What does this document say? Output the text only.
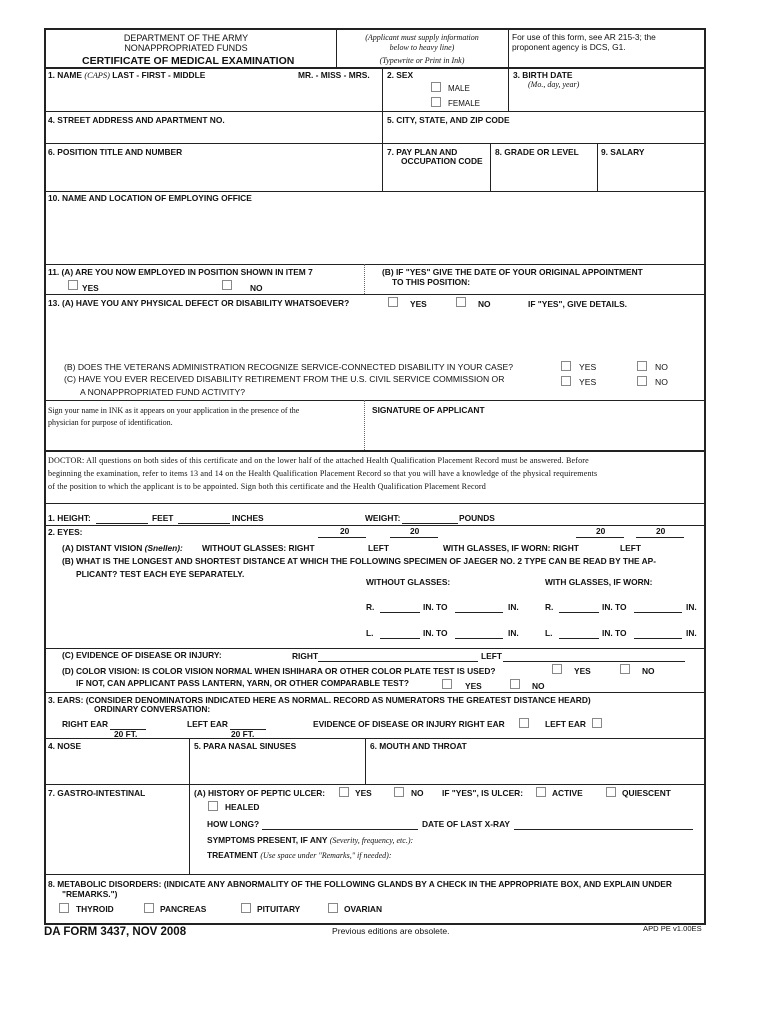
DEPARTMENT OF THE ARMY
NONAPPROPRIATED FUNDS
CERTIFICATE OF MEDICAL EXAMINATION
(Applicant must supply information
below to heavy line)
(Typewrite or Print in Ink)
For use of this form, see AR 215-3; the
proponent agency is DCS, G1.
1. NAME (CAPS) LAST - FIRST - MIDDLE	MR. - MISS - MRS. 2. SEX
MALE
FEMALE
3. BIRTH DATE
(Mo., day, year)
4. STREET ADDRESS AND APARTMENT NO.	5. CITY, STATE, AND ZIP CODE
6. POSITION TITLE AND NUMBER	7. PAY PLAN AND
OCCUPATION CODE
8. GRADE OR LEVEL	9. SALARY
10. NAME AND LOCATION OF EMPLOYING OFFICE
11. (A) ARE YOU NOW EMPLOYED IN POSITION SHOWN IN ITEM 7
YES	NO
(B) IF "YES" GIVE THE DATE OF YOUR ORIGINAL APPOINTMENT
TO THIS POSITION:
13. (A) HAVE YOU ANY PHYSICAL DEFECT OR DISABILITY WHATSOEVER?	YES	NO	IF "YES", GIVE DETAILS.
(B) DOES THE VETERANS ADMINISTRATION RECOGNIZE SERVICE-CONNECTED DISABILITY IN YOUR CASE?
(C) HAVE YOU EVER RECEIVED DISABILITY RETIREMENT FROM THE U.S. CIVIL SERVICE COMMISSION OR
A NONAPPROPRIATED FUND ACTIVITY?
YES	NO
YES	NO
Sign your name in INK as it appears on your application in the presence of the
physician for purpose of identification.
SIGNATURE OF APPLICANT
DOCTOR: All questions on both sides of this certificate and on the lower half of the attached Health Qualification Placement Record must be answered. Before
beginning the examination, refer to items 13 and 14 on the Health Qualification Placement Record so that you will have a knowledge of the physical requirements
of the position to which the applicant is to be appointed. Sign both this certificate and the Health Qualification Placement Record
1. HEIGHT:	FEET	INCHES	WEIGHT:	POUNDS
2. EYES:	20	20	20	20
(A) DISTANT VISION (Snellen): WITHOUT GLASSES: RIGHT	LEFT	WITH GLASSES, IF WORN: RIGHT	LEFT
(B) WHAT IS THE LONGEST AND SHORTEST DISTANCE AT WHICH THE FOLLOWING SPECIMEN OF JAEGER NO. 2 TYPE CAN BE READ BY THE AP-
PLICANT? TEST EACH EYE SEPARATELY.
WITHOUT GLASSES:	WITH GLASSES, IF WORN:
R.	IN. TO	IN.	R.	IN. TO	IN.
L.	IN. TO	IN.	L.	IN. TO	IN.
(C) EVIDENCE OF DISEASE OR INJURY:	RIGHT	LEFT
(D) COLOR VISION: IS COLOR VISION NORMAL WHEN ISHIHARA OR OTHER COLOR PLATE TEST IS USED?	YES	NO
IF NOT, CAN APPLICANT PASS LANTERN, YARN, OR OTHER COMPARABLE TEST?	YES	NO
3. EARS: (CONSIDER DENOMINATORS INDICATED HERE AS NORMAL. RECORD AS NUMERATORS THE GREATEST DISTANCE HEARD)
ORDINARY CONVERSATION:
RIGHT EAR
20 FT.
LEFT EAR
20 FT.
EVIDENCE OF DISEASE OR INJURY RIGHT EAR	LEFT EAR
4. NOSE	5. PARA NASAL SINUSES	6. MOUTH AND THROAT
7. GASTRO-INTESTINAL	(A) HISTORY OF PEPTIC ULCER:	YES	NO IF "YES", IS ULCER:	ACTIVE	QUIESCENT
HEALED
HOW LONG?	DATE OF LAST X-RAY
SYMPTOMS PRESENT, IF ANY (Severity, frequency, etc.):
TREATMENT (Use space under "Remarks," if needed):
8. METABOLIC DISORDERS: (INDICATE ANY ABNORMALITY OF THE FOLLOWING GLANDS BY A CHECK IN THE APPROPRIATE BOX, AND EXPLAIN UNDER
"REMARKS.")
THYROID	PANCREAS	PITUITARY	OVARIAN
DA FORM 3437, NOV 2008	Previous editions are obsolete.	APD PE v1.00ES
